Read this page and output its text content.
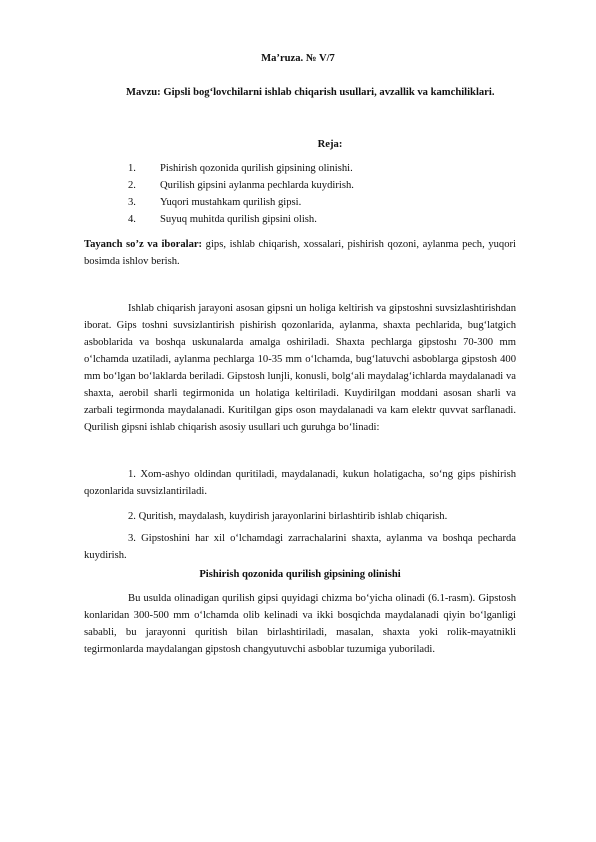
Ma’ruza. № V/7
Mavzu: Gipsli bog‘lovchilarni ishlab chiqarish usullari, avzallik va kamchiliklari.
Reja:
1.	Pishirish qozonida qurilish gipsining olinishi.
2.	Qurilish gipsini aylanma pechlarda kuydirish.
3.	Yuqori mustahkam qurilish gipsi.
4.	Suyuq muhitda qurilish gipsini olish.
Tayanch so’z va iboralar: gips, ishlab chiqarish, xossalari, pishirish qozoni, aylanma pech, yuqori bosimda ishlov berish.

Ishlab chiqarish jarayoni asosan gipsni un holiga keltirish va gipstoshni suvsizlashtirishdan iborat. Gips toshni suvsizlantirish pishirish qozonlarida, aylanma, shaxta pechlarida, bug‘latgich asboblarida va boshqa uskunalarda amalga oshiriladi. Shaxta pechlarga gipstoshı 70-300 mm o‘lchamda uzatiladi, aylanma pechlarga 10-35 mm o‘lchamda, bug‘latuvchi asboblarga gipstosh 400 mm bo‘lgan bo‘laklarda beriladi. Gipstosh lunjli, konusli, bolg‘ali maydalag‘ichlarda maydalanadi va shaxta, aerobil sharli tegirmonida un holatiga keltiriladi. Kuydirilgan moddani asosan sharli va zarbali tegirmonda maydalanadi. Kuritilgan gips oson maydalanadi va kam elektr quvvat sarflanadi. Qurilish gipsni ishlab chiqarish asosiy usullari uch guruhga bo‘linadi:

1. Xom-ashyo oldindan quritiladi, maydalanadi, kukun holatigacha, so‘ng gips pishirish qozonlarida suvsizlantiriladi.

2. Quritish, maydalash, kuydirish jarayonlarini birlashtirib ishlab chiqarish.

3. Gipstoshini har xil o‘lchamdagi zarrachalarini shaxta, aylanma va boshqa pecharda kuydirish.

Pishirish qozonida qurilish gipsining olinishi

Bu usulda olinadigan qurilish gipsi quyidagi chizma bo‘yicha olinadi (6.1-rasm). Gipstosh konlaridan 300-500 mm o‘lchamda olib kelinadi va ikki bosqichda maydalanadi qiyin bo‘lganligi sababli, bu jarayonni quritish bilan birlashtiriladi, masalan, shaxta yoki rolik-mayatnikli tegirmonlarda maydalangan gipstosh changyutuvchi asboblar tuzumiga yuboriladi.
